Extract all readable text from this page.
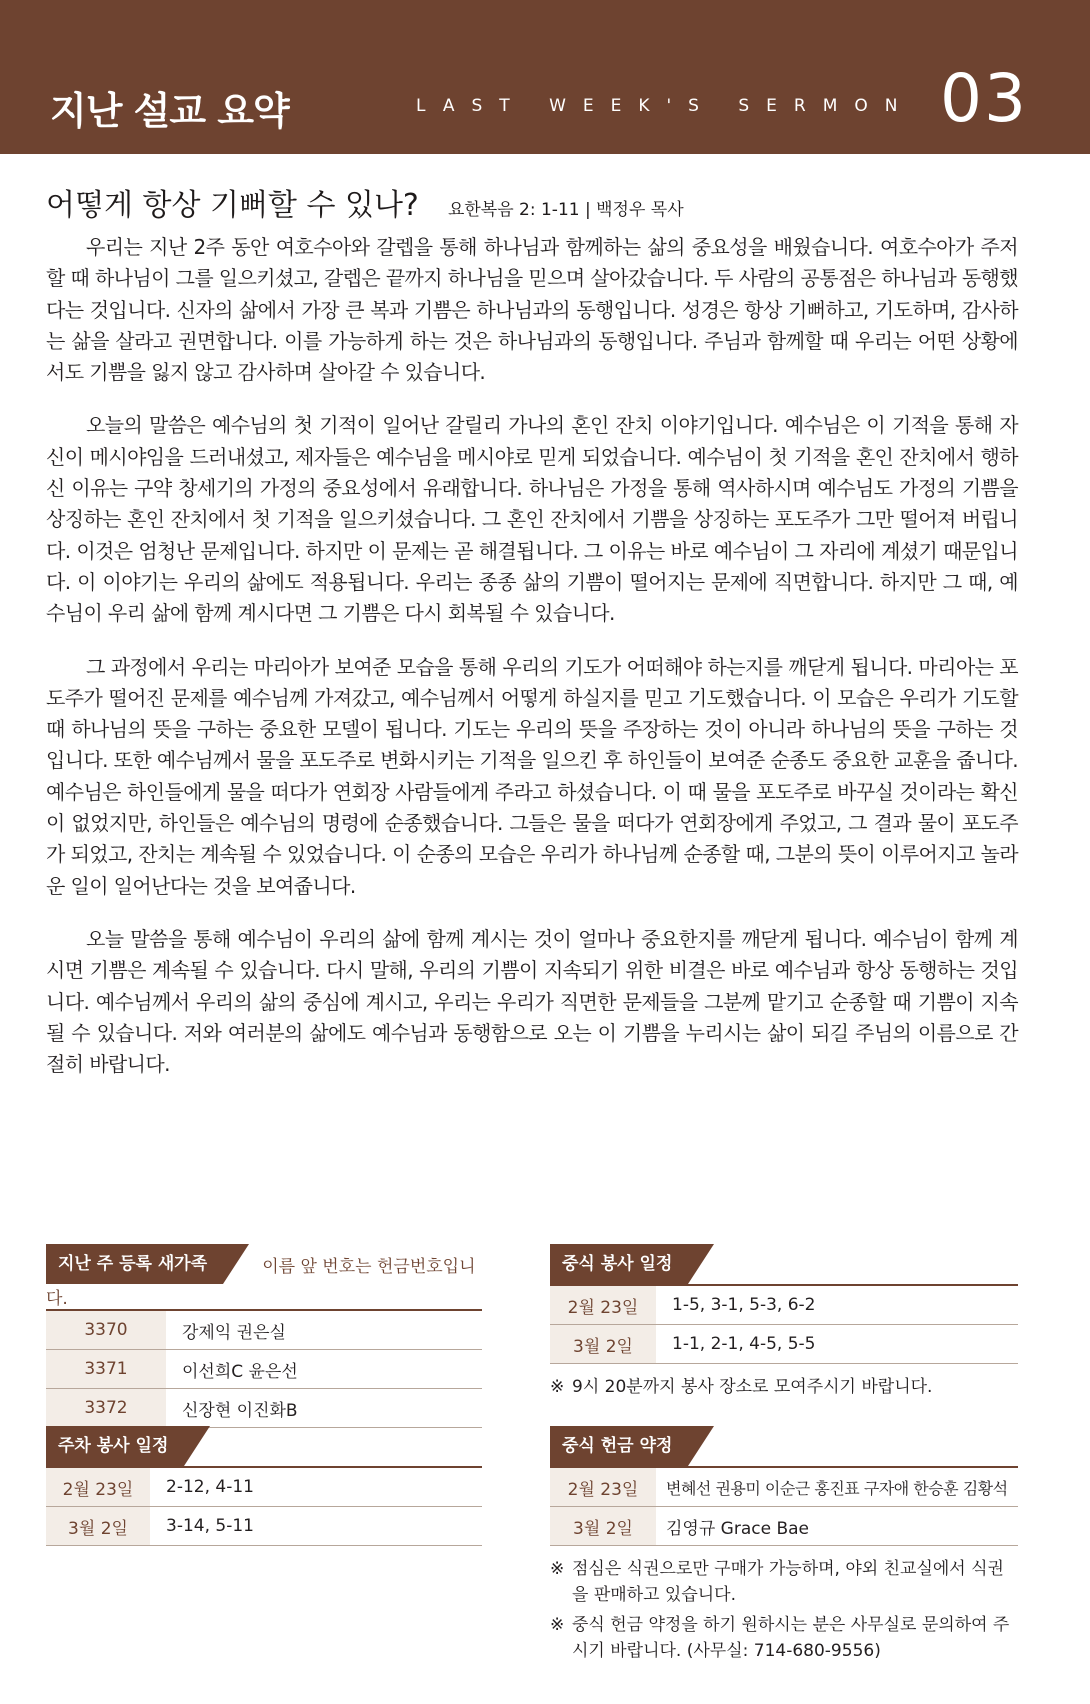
지난 설교 요약	LAST WEEK'S SERMON 03
어떻게 항상 기뻐할 수 있나? 요한복음 2: 1-11 | 백정우 목사

우리는 지난 2주 동안 여호수아와 갈렙을 통해 하나님과 함께하는 삶의 중요성을 배웠습니다. 여호수아가 주저할 때 하나님이 그를 일으키셨고, 갈렙은 끝까지 하나님을 믿으며 살아갔습니다. 두 사람의 공통점은 하나님과 동행했다는 것입니다. 신자의 삶에서 가장 큰 복과 기쁨은 하나님과의 동행입니다. 성경은 항상 기뻐하고, 기도하며, 감사하는 삶을 살라고 권면합니다. 이를 가능하게 하는 것은 하나님과의 동행입니다. 주님과 함께할 때 우리는 어떤 상황에서도 기쁨을 잃지 않고 감사하며 살아갈 수 있습니다.

오늘의 말씀은 예수님의 첫 기적이 일어난 갈릴리 가나의 혼인 잔치 이야기입니다. 예수님은 이 기적을 통해 자신이 메시야임을 드러내셨고, 제자들은 예수님을 메시야로 믿게 되었습니다. 예수님이 첫 기적을 혼인 잔치에서 행하신 이유는 구약 창세기의 가정의 중요성에서 유래합니다. 하나님은 가정을 통해 역사하시며 예수님도 가정의 기쁨을 상징하는 혼인 잔치에서 첫 기적을 일으키셨습니다. 그 혼인 잔치에서 기쁨을 상징하는 포도주가 그만 떨어져 버립니다. 이것은 엄청난 문제입니다. 하지만 이 문제는 곧 해결됩니다. 그 이유는 바로 예수님이 그 자리에 계셨기 때문입니다. 이 이야기는 우리의 삶에도 적용됩니다. 우리는 종종 삶의 기쁨이 떨어지는 문제에 직면합니다. 하지만 그 때, 예수님이 우리 삶에 함께 계시다면 그 기쁨은 다시 회복될 수 있습니다.

그 과정에서 우리는 마리아가 보여준 모습을 통해 우리의 기도가 어떠해야 하는지를 깨닫게 됩니다. 마리아는 포도주가 떨어진 문제를 예수님께 가져갔고, 예수님께서 어떻게 하실지를 믿고 기도했습니다. 이 모습은 우리가 기도할 때 하나님의 뜻을 구하는 중요한 모델이 됩니다. 기도는 우리의 뜻을 주장하는 것이 아니라 하나님의 뜻을 구하는 것입니다. 또한 예수님께서 물을 포도주로 변화시키는 기적을 일으킨 후 하인들이 보여준 순종도 중요한 교훈을 줍니다. 예수님은 하인들에게 물을 떠다가 연회장 사람들에게 주라고 하셨습니다. 이 때 물을 포도주로 바꾸실 것이라는 확신이 없었지만, 하인들은 예수님의 명령에 순종했습니다. 그들은 물을 떠다가 연회장에게 주었고, 그 결과 물이 포도주가 되었고, 잔치는 계속될 수 있었습니다. 이 순종의 모습은 우리가 하나님께 순종할 때, 그분의 뜻이 이루어지고 놀라운 일이 일어난다는 것을 보여줍니다.

오늘 말씀을 통해 예수님이 우리의 삶에 함께 계시는 것이 얼마나 중요한지를 깨닫게 됩니다. 예수님이 함께 계시면 기쁨은 계속될 수 있습니다. 다시 말해, 우리의 기쁨이 지속되기 위한 비결은 바로 예수님과 항상 동행하는 것입니다. 예수님께서 우리의 삶의 중심에 계시고, 우리는 우리가 직면한 문제들을 그분께 맡기고 순종할 때 기쁨이 지속될 수 있습니다. 저와 여러분의 삶에도 예수님과 동행함으로 오는 이 기쁨을 누리시는 삶이 되길 주님의 이름으로 간절히 바랍니다.

지난 주 등록 새가족	이름 앞 번호는 헌금번호입니다.
3370	강제익 권은실
3371	이선희C 윤은선
3372	신장현 이진화B
주차 봉사 일정
2월 23일	2-12, 4-11
3월 2일	3-14, 5-11
중식 봉사 일정
2월 23일	1-5, 3-1, 5-3, 6-2
3월 2일	1-1, 2-1, 4-5, 5-5
※ 9시 20분까지 봉사 장소로 모여주시기 바랍니다.
중식 헌금 약정
2월 23일	변혜선 권용미 이순근 홍진표 구자애 한승훈 김황석
3월 2일	김영규 Grace Bae
※ 점심은 식권으로만 구매가 가능하며, 야외 친교실에서 식권을 판매하고 있습니다.
※ 중식 헌금 약정을 하기 원하시는 분은 사무실로 문의하여 주시기 바랍니다. (사무실: 714-680-9556)
